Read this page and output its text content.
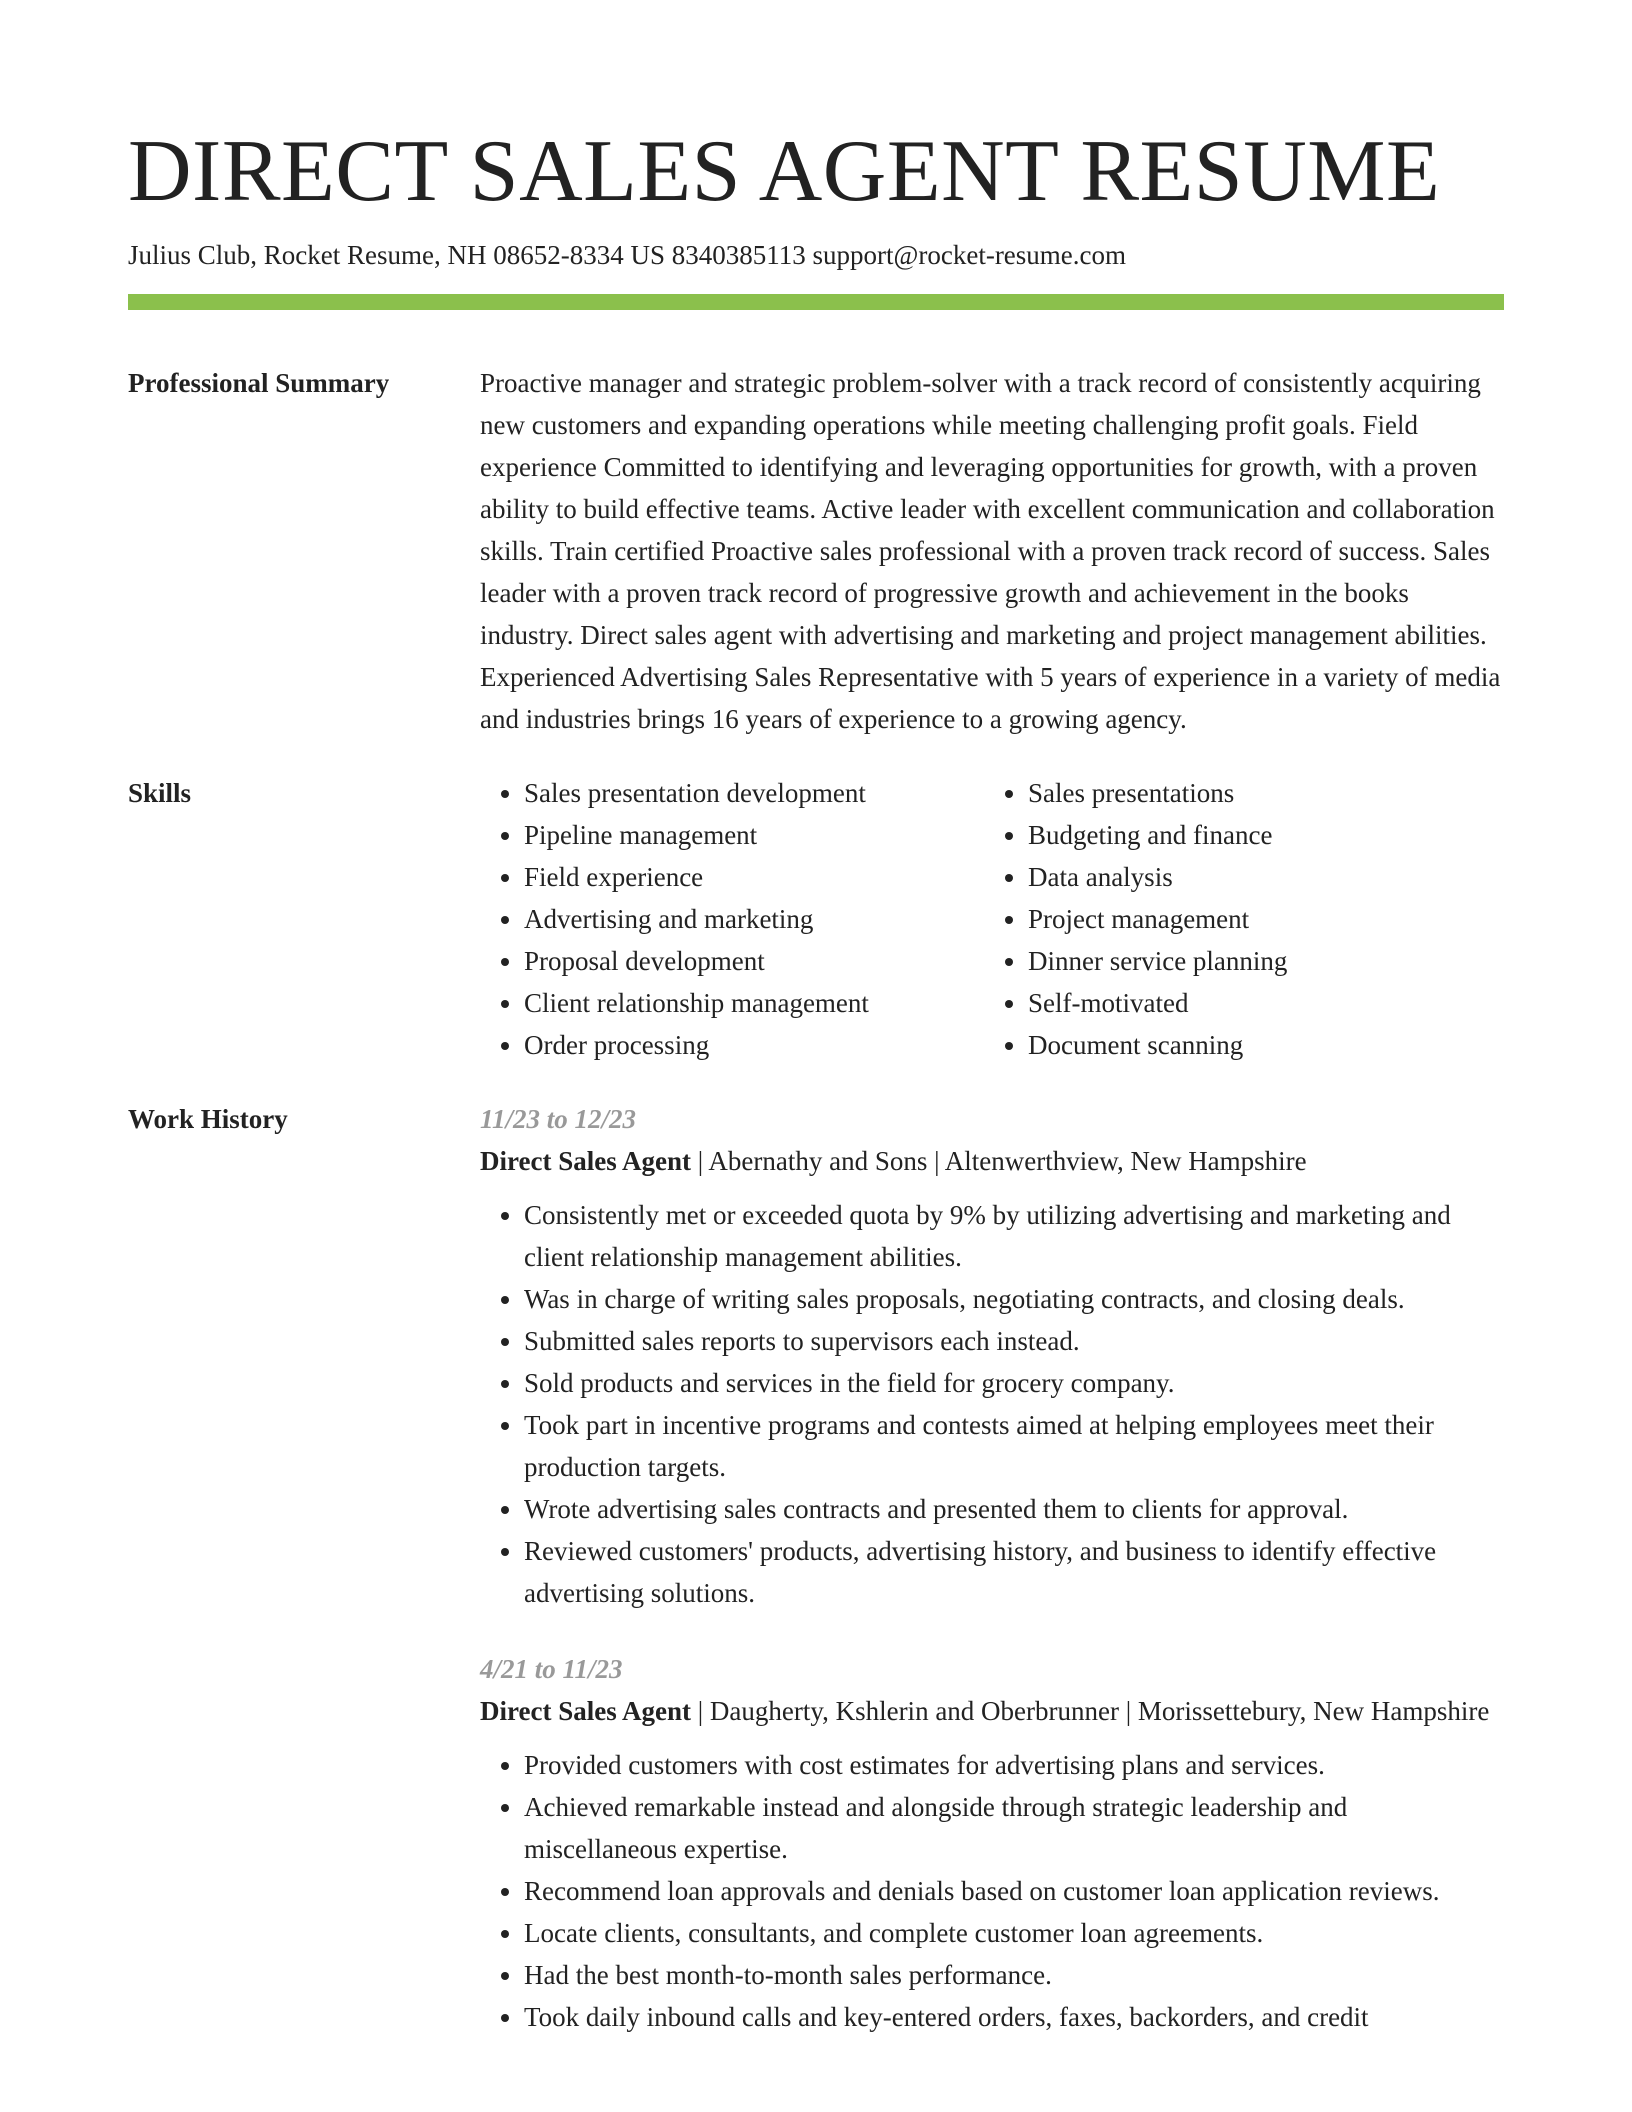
DIRECT SALES AGENT RESUME
Julius Club, Rocket Resume, NH 08652-8334 US 8340385113 support@rocket-resume.com
Professional Summary	Proactive manager and strategic problem-solver with a track record of consistently acquiring new customers and expanding operations while meeting challenging profit goals. Field experience Committed to identifying and leveraging opportunities for growth, with a proven ability to build effective teams. Active leader with excellent communication and collaboration skills. Train certified Proactive sales professional with a proven track record of success. Sales leader with a proven track record of progressive growth and achievement in the books industry. Direct sales agent with advertising and marketing and project management abilities. Experienced Advertising Sales Representative with 5 years of experience in a variety of media and industries brings 16 years of experience to a growing agency.

Skills
•	Sales presentation development
• Pipeline management
• Field experience
• Advertising and marketing
• Proposal development
• Client relationship management
• Order processing
• Sales presentations
• Budgeting and finance
• Data analysis
• Project management
• Dinner service planning
• Self-motivated
• Document scanning
Work History	11/23 to 12/23
Direct Sales Agent | Abernathy and Sons | Altenwerthview, New Hampshire
• Consistently met or exceeded quota by 9% by utilizing advertising and marketing and client relationship management abilities.
• Was in charge of writing sales proposals, negotiating contracts, and closing deals.
• Submitted sales reports to supervisors each instead.
• Sold products and services in the field for grocery company.
• Took part in incentive programs and contests aimed at helping employees meet their production targets.
• Wrote advertising sales contracts and presented them to clients for approval.
• Reviewed customers' products, advertising history, and business to identify effective advertising solutions.
4/21 to 11/23
Direct Sales Agent | Daugherty, Kshlerin and Oberbrunner | Morissettebury, New Hampshire
• Provided customers with cost estimates for advertising plans and services.
• Achieved remarkable instead and alongside through strategic leadership and miscellaneous expertise.
• Recommend loan approvals and denials based on customer loan application reviews.
• Locate clients, consultants, and complete customer loan agreements.
• Had the best month-to-month sales performance.
• Took daily inbound calls and key-entered orders, faxes, backorders, and credit
